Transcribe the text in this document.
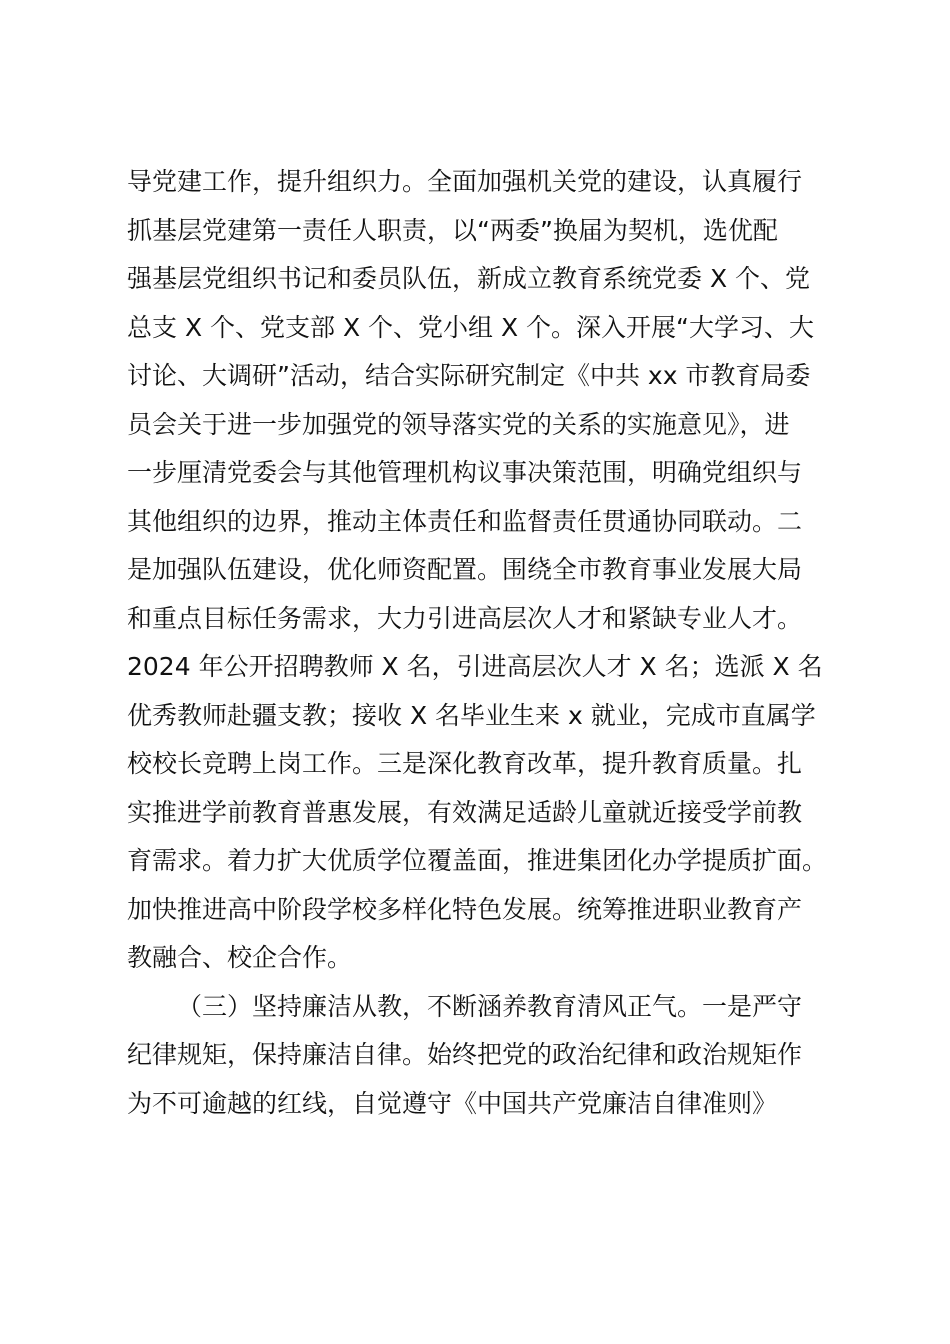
导党建工作，提升组织力。全面加强机关党的建设，认真履行
抓基层党建第一责任人职责，以“两委”换届为契机，选优配
强基层党组织书记和委员队伍，新成立教育系统党委 X 个、党
总支 X 个、党支部 X 个、党小组 X 个。深入开展“大学习、大
讨论、大调研”活动，结合实际研究制定《中共 xx 市教育局委
员会关于进一步加强党的领导落实党的关系的实施意见》，进
一步厘清党委会与其他管理机构议事决策范围，明确党组织与
其他组织的边界，推动主体责任和监督责任贯通协同联动。二
是加强队伍建设，优化师资配置。围绕全市教育事业发展大局
和重点目标任务需求，大力引进高层次人才和紧缺专业人才。
2024 年公开招聘教师 X 名，引进高层次人才 X 名；选派 X 名
优秀教师赴疆支教；接收 X 名毕业生来 x 就业，完成市直属学
校校长竞聘上岗工作。三是深化教育改革，提升教育质量。扎
实推进学前教育普惠发展，有效满足适龄儿童就近接受学前教
育需求。着力扩大优质学位覆盖面，推进集团化办学提质扩面。
加快推进高中阶段学校多样化特色发展。统筹推进职业教育产
教融合、校企合作。
（三）坚持廉洁从教，不断涵养教育清风正气。一是严守
纪律规矩，保持廉洁自律。始终把党的政治纪律和政治规矩作
为不可逾越的红线，自觉遵守《中国共产党廉洁自律准则》
